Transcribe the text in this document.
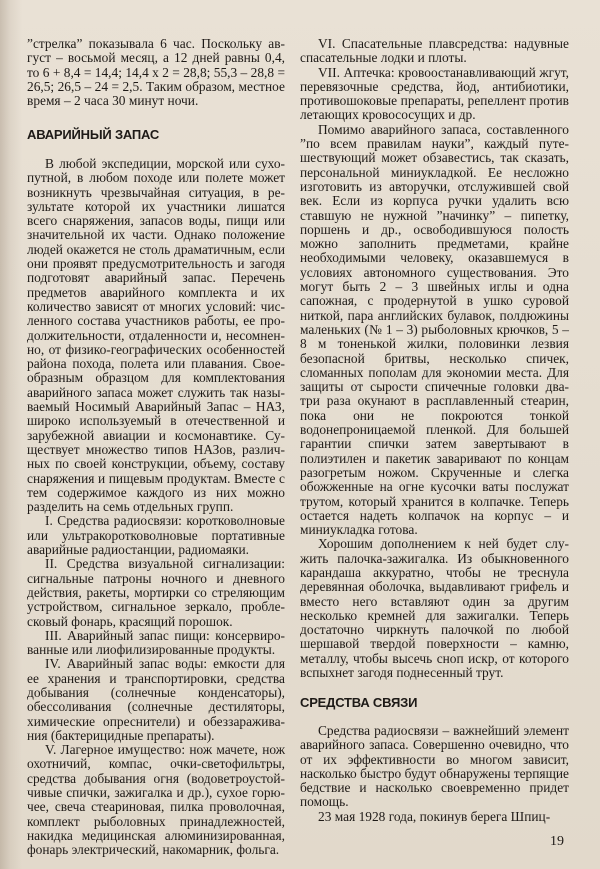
”стрелка” показывала 6 час. Поскольку август – восьмой месяц, а 12 дней равны 0,4, то 6 + 8,4 = 14,4; 14,4 х 2 = 28,8; 55,3 – 28,8 = 26,5; 26,5 – 24 = 2,5. Таким образом, местное время – 2 часа 30 минут ночи.

АВАРИЙНЫЙ ЗАПАС

В любой экспедиции, морской или сухопутной, в любом походе или полете может возникнуть чрезвычайная ситуация, в результате которой их участники лишатся всего снаряжения, запасов воды, пищи или значительной их части. Однако положение людей окажется не столь драматичным, если они проявят предусмотрительность и загодя подготовят аварийный запас. Перечень предметов аварийного комплекта и их количество зависят от многих условий: численного состава участников работы, ее продолжительности, отдаленности и, несомненно, от физико-географических особенностей района похода, полета или плавания. Своеобразным образцом для комплектования аварийного запаса может служить так называемый Носимый Аварийный Запас – НАЗ, широко используемый в отечественной и зарубежной авиации и космонавтике. Существует множество типов НАЗов, различных по своей конструкции, объему, составу снаряжения и пищевым продуктам. Вместе с тем содержимое каждого из них можно разделить на семь отдельных групп.

I. Средства радиосвязи: коротковолновые или ультракоротковолновые портативные аварийные радиостанции, радиомаяки.

II. Средства визуальной сигнализации: сигнальные патроны ночного и дневного действия, ракеты, мортирки со стреляющим устройством, сигнальное зеркало, проблесковый фонарь, красящий порошок.

III. Аварийный запас пищи: консервированные или лиофилизированные продукты.

IV. Аварийный запас воды: емкости для ее хранения и транспортировки, средства добывания (солнечные конденсаторы), обессоливания (солнечные дестиляторы, химические опреснители) и обеззараживания (бактерицидные препараты).

V. Лагерное имущество: нож мачете, нож охотничий, компас, очки-светофильтры, средства добывания огня (водоветроустойчивые спички, зажигалка и др.), сухое горючее, свеча стеариновая, пилка проволочная, комплект рыболовных принадлежностей, накидка медицинская алюминизированная, фонарь электрический, накомарник, фольга.

VI. Спасательные плавсредства: надувные спасательные лодки и плоты.

VII. Аптечка: кровоостанавливающий жгут, перевязочные средства, йод, антибиотики, противошоковые препараты, репеллент против летающих кровососущих и др.

Помимо аварийного запаса, составленного ”по всем правилам науки”, каждый путешествующий может обзавестись, так сказать, персональной миниукладкой. Ее несложно изготовить из авторучки, отслужившей свой век. Если из корпуса ручки удалить всю ставшую не нужной ”начинку” – пипетку, поршень и др., освободившуюся полость можно заполнить предметами, крайне необходимыми человеку, оказавшемуся в условиях автономного существования. Это могут быть 2 – 3 швейных иглы и одна сапожная, с продернутой в ушко суровой ниткой, пара английских булавок, полдюжины маленьких (№ 1 – 3) рыболовных крючков, 5 – 8 м тоненькой жилки, половинки лезвия безопасной бритвы, несколько спичек, сломанных пополам для экономии места. Для защиты от сырости спичечные головки два-три раза окунают в расплавленный стеарин, пока они не покроются тонкой водонепроницаемой пленкой. Для большей гарантии спички затем завертывают в полиэтилен и пакетик заваривают по концам разогретым ножом. Скрученные и слегка обожженные на огне кусочки ваты послужат трутом, который хранится в колпачке. Теперь остается надеть колпачок на корпус – и миниукладка готова.

Хорошим дополнением к ней будет служить палочка-зажигалка. Из обыкновенного карандаша аккуратно, чтобы не треснула деревянная оболочка, выдавливают грифель и вместо него вставляют один за другим несколько кремней для зажигалки. Теперь достаточно чиркнуть палочкой по любой шершавой твердой поверхности – камню, металлу, чтобы высечь сноп искр, от которого вспыхнет загодя поднесенный трут.

СРЕДСТВА СВЯЗИ

Средства радиосвязи – важнейший элемент аварийного запаса. Совершенно очевидно, что от их эффективности во многом зависит, насколько быстро будут обнаружены терпящие бедствие и насколько своевременно придет помощь.

23 мая 1928 года, покинув берега Шпиц-

19
